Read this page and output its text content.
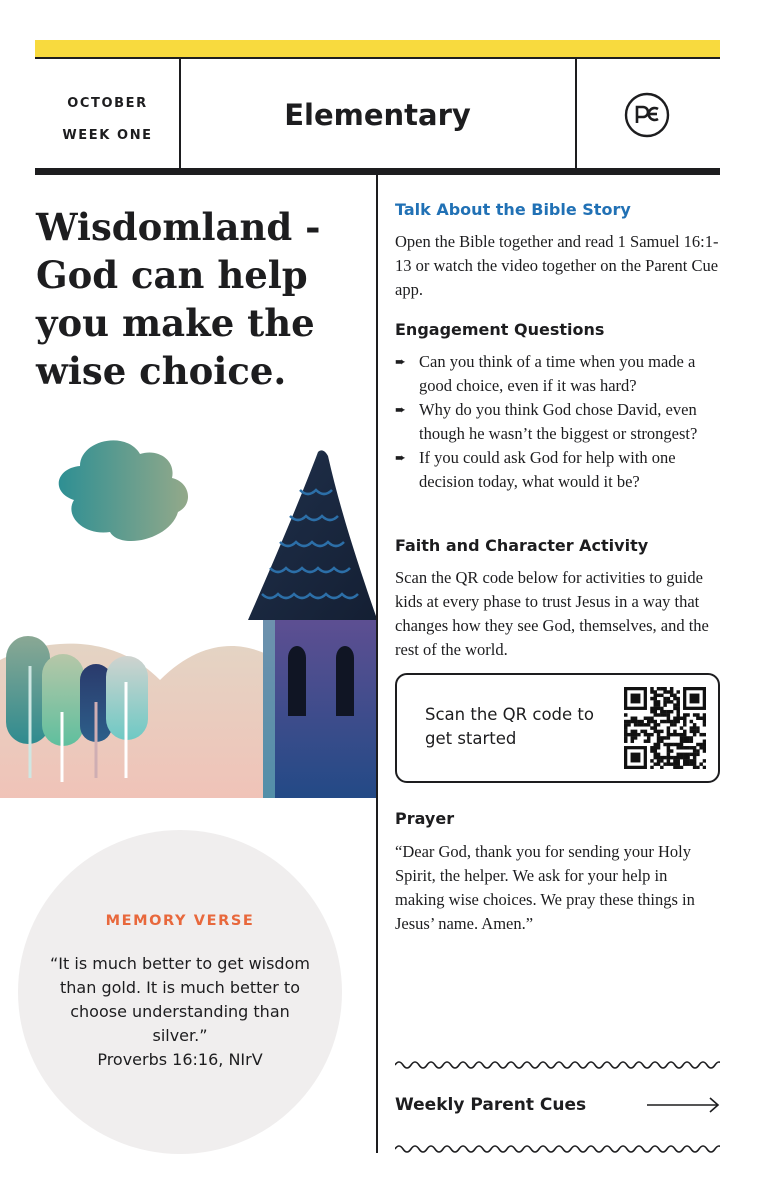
OCTOBER
WEEK ONE
Elementary
Wisdomland - God can help you make the wise choice.
Talk About the Bible Story
Open the Bible together and read 1 Samuel 16:1-13 or watch the video together on the Parent Cue app.
Engagement Questions
➨ Can you think of a time when you made a good choice, even if it was hard?
➨ Why do you think God chose David, even though he wasn’t the biggest or strongest?
➨ If you could ask God for help with one decision today, what would it be?
Faith and Character Activity
Scan the QR code below for activities to guide kids at every phase to trust Jesus in a way that changes how they see God, themselves, and the rest of the world.
Scan the QR code to get started
Prayer
“Dear God, thank you for sending your Holy Spirit, the helper. We ask for your help in making wise choices. We pray these things in Jesus’ name. Amen.”
MEMORY VERSE
“It is much better to get wisdom than gold. It is much better to choose understanding than silver.”
Proverbs 16:16, NIrV
Weekly Parent Cues
